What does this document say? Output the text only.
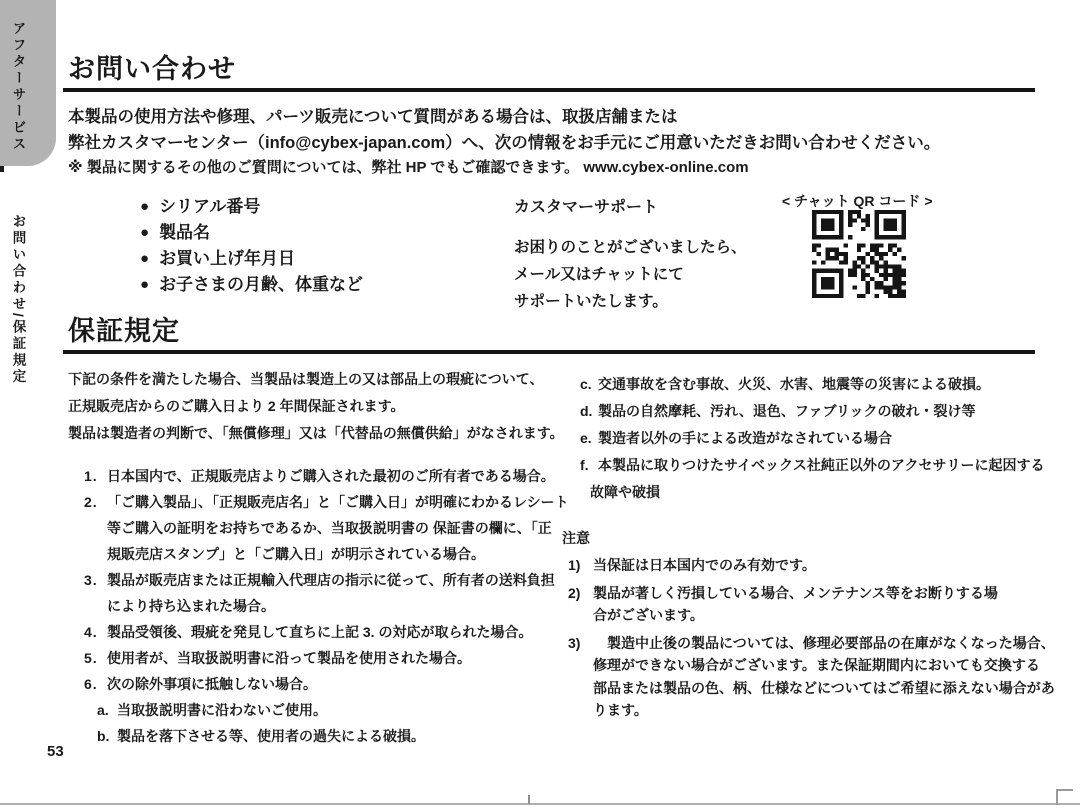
アフターサービス
お問い合わせ/保証規定
お問い合わせ
本製品の使用方法や修理、パーツ販売について質問がある場合は、取扱店舗または
弊社カスタマーセンター（info@cybex-japan.com）へ、次の情報をお手元にご用意いただきお問い合わせください。
※ 製品に関するその他のご質問については、弊社 HP でもご確認できます。 www.cybex-online.com
● シリアル番号
● 製品名
● お買い上げ年月日
● お子さまの月齢、体重など
カスタマーサポート
お困りのことがございましたら、
メール又はチャットにて
サポートいたします。
< チャット QR コード >
保証規定
下記の条件を満たした場合、当製品は製造上の又は部品上の瑕疵について、
正規販売店からのご購入日より 2 年間保証されます。
製品は製造者の判断で、「無償修理」又は「代替品の無償供給」がなされます。
1. 日本国内で、正規販売店よりご購入された最初のご所有者である場合。
2. 「ご購入製品」、「正規販売店名」と「ご購入日」が明確にわかるレシート
等ご購入の証明をお持ちであるか、当取扱説明書の 保証書の欄に、「正
規販売店スタンプ」と「ご購入日」が明示されている場合。
3. 製品が販売店または正規輸入代理店の指示に従って、所有者の送料負担
により持ち込まれた場合。
4. 製品受領後、瑕疵を発見して直ちに上記 3. の対応が取られた場合。
5. 使用者が、当取扱説明書に沿って製品を使用された場合。
6. 次の除外事項に抵触しない場合。
a. 当取扱説明書に沿わないご使用。
b. 製品を落下させる等、使用者の過失による破損。
c. 交通事故を含む事故、火災、水害、地震等の災害による破損。
d. 製品の自然摩耗、汚れ、退色、ファブリックの破れ・裂け等
e. 製造者以外の手による改造がなされている場合
f. 本製品に取りつけたサイベックス社純正以外のアクセサリーに起因する
故障や破損
注意
1) 当保証は日本国内でのみ有効です。
2) 製品が著しく汚損している場合、メンテナンス等をお断りする場
合がございます。
3) 　製造中止後の製品については、修理必要部品の在庫がなくなった場合、
修理ができない場合がございます。また保証期間内においても交換する
部品または製品の色、柄、仕様などについてはご希望に添えない場合があ
ります。
53
